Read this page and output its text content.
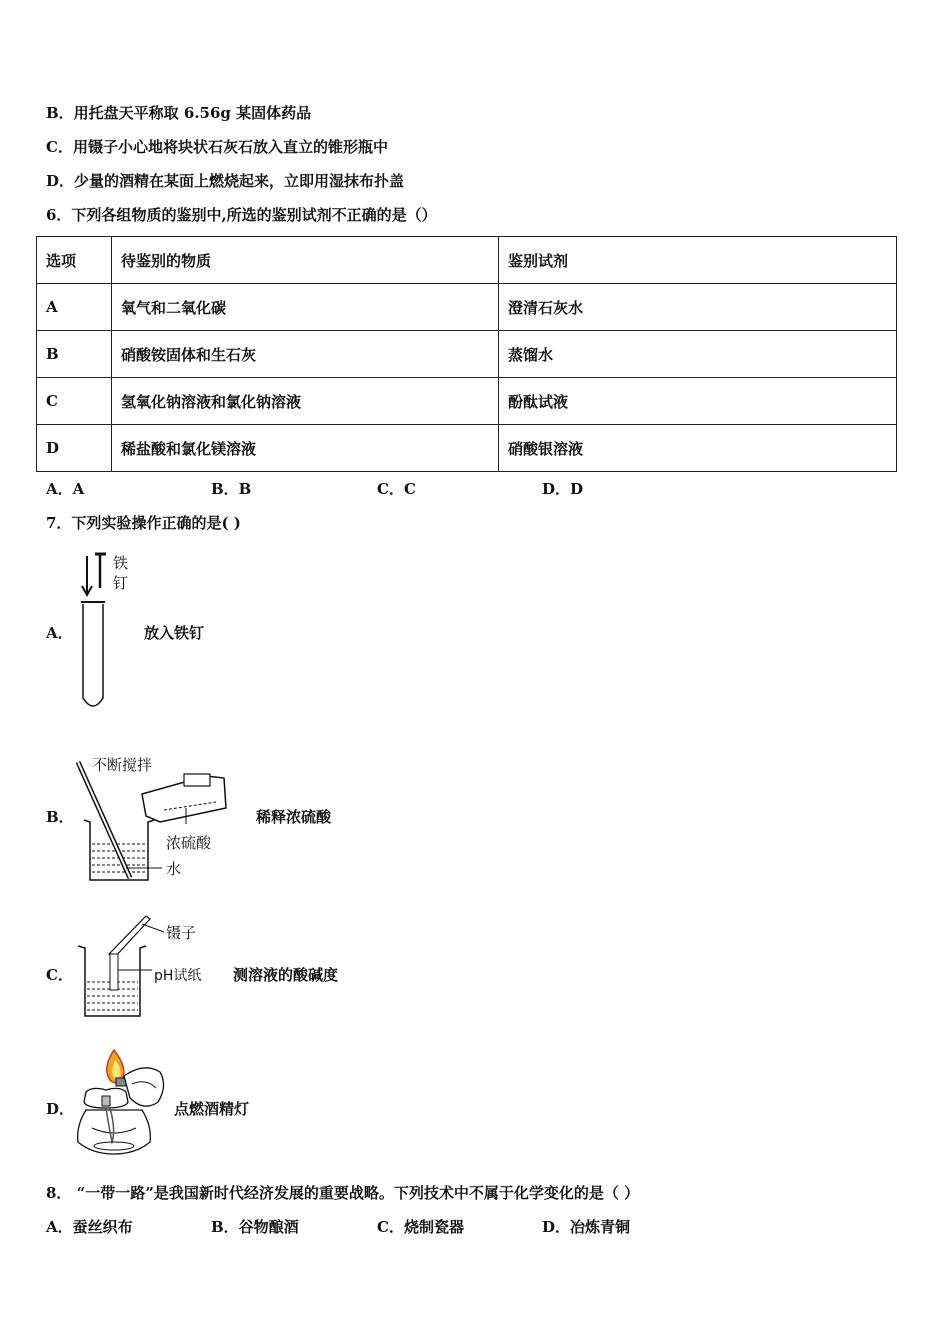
B．用托盘天平称取 6.56g 某固体药品
C．用镊子小心地将块状石灰石放入直立的锥形瓶中
D．少量的酒精在某面上燃烧起来，立即用湿抹布扑盖
6．下列各组物质的鉴别中,所选的鉴别试剂不正确的是（）
选项	待鉴别的物质	鉴别试剂
A	氧气和二氧化碳	澄清石灰水
B	硝酸铵固体和生石灰	蒸馏水
C	氢氧化钠溶液和氯化钠溶液	酚酞试液
D	稀盐酸和氯化镁溶液	硝酸银溶液
A．A	B．B	C．C	D．D
7．下列实验操作正确的是( )
A．
铁
钉
放入铁钉
B．
不断搅拌
浓硫酸
水
稀释浓硫酸
C．
镊子
pH试纸 测溶液的酸碱度
D．	点燃酒精灯
8． “一带一路”是我国新时代经济发展的重要战略。下列技术中不属于化学变化的是（ ）
A．蚕丝织布	B．谷物酿酒	C．烧制瓷器	D．冶炼青铜
